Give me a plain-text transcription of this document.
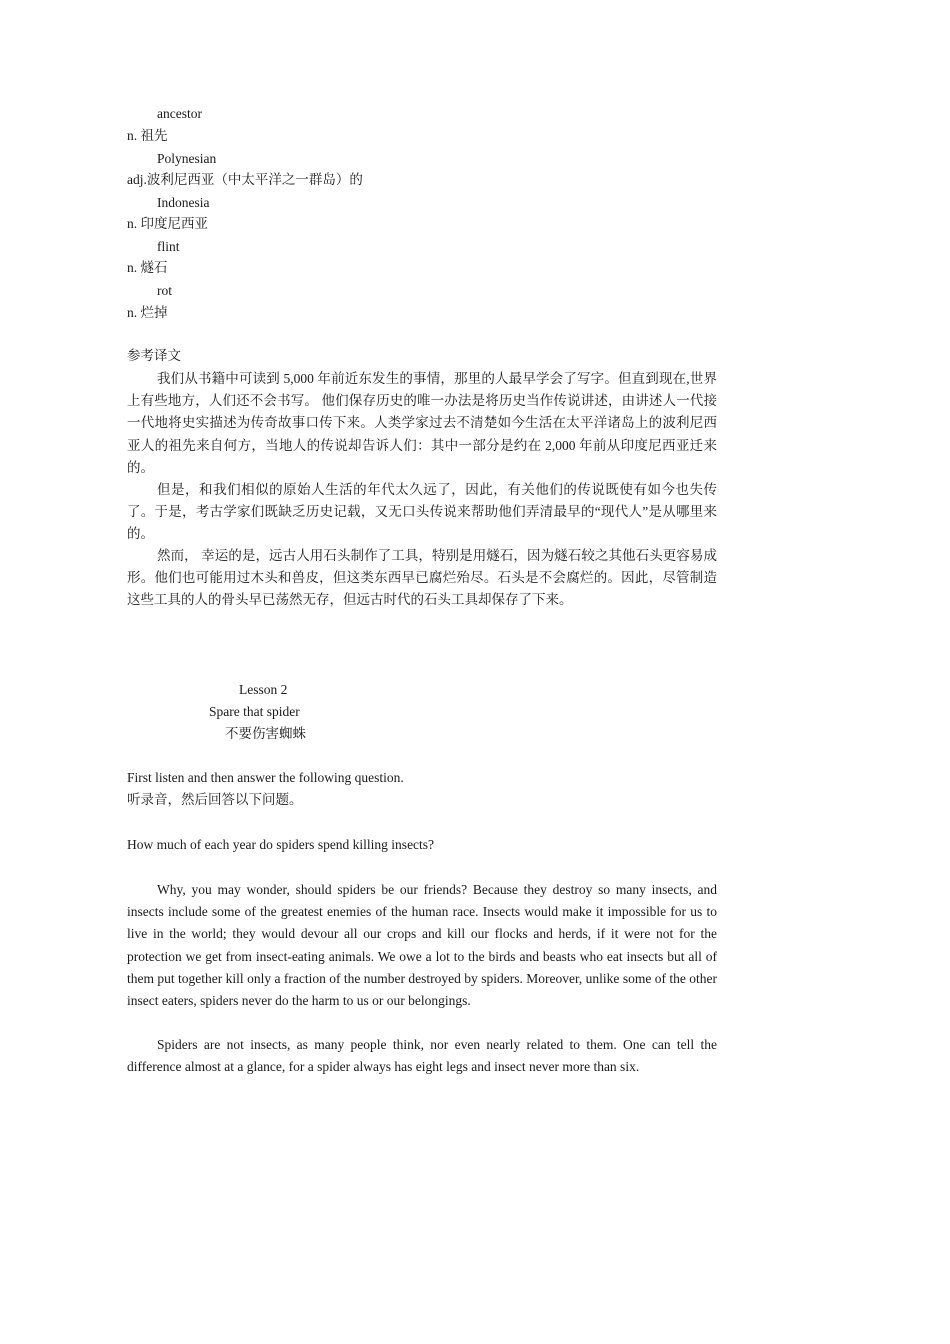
ancestor
n. 祖先
Polynesian
adj.波利尼西亚（中太平洋之一群岛）的
Indonesia
n. 印度尼西亚
flint
n. 燧石
rot
n. 烂掉
参考译文
我们从书籍中可读到 5,000 年前近东发生的事情，那里的人最早学会了写字。但直到现在,世界上有些地方，人们还不会书写。 他们保存历史的唯一办法是将历史当作传说讲述，由讲述人一代接一代地将史实描述为传奇故事口传下来。人类学家过去不清楚如今生活在太平洋诸岛上的波利尼西亚人的祖先来自何方，当地人的传说却告诉人们：其中一部分是约在 2,000 年前从印度尼西亚迁来的。
但是，和我们相似的原始人生活的年代太久远了，因此，有关他们的传说既使有如今也失传了。于是，考古学家们既缺乏历史记载，又无口头传说来帮助他们弄清最早的“现代人”是从哪里来的。
然而， 幸运的是，远古人用石头制作了工具，特别是用燧石，因为燧石较之其他石头更容易成形。他们也可能用过木头和兽皮，但这类东西早已腐烂殆尽。石头是不会腐烂的。因此，尽管制造这些工具的人的骨头早已荡然无存，但远古时代的石头工具却保存了下来。
Lesson 2
Spare that spider
不要伤害蜘蛛
First listen and then answer the following question.
听录音，然后回答以下问题。
How much of each year do spiders spend killing insects?
Why, you may wonder, should spiders be our friends? Because they destroy so many insects, and insects include some of the greatest enemies of the human race. Insects would make it impossible for us to live in the world; they would devour all our crops and kill our flocks and herds, if it were not for the protection we get from insect-eating animals. We owe a lot to the birds and beasts who eat insects but all of them put together kill only a fraction of the number destroyed by spiders. Moreover, unlike some of the other insect eaters, spiders never do the harm to us or our belongings.
Spiders are not insects, as many people think, nor even nearly related to them. One can tell the difference almost at a glance, for a spider always has eight legs and insect never more than six.
